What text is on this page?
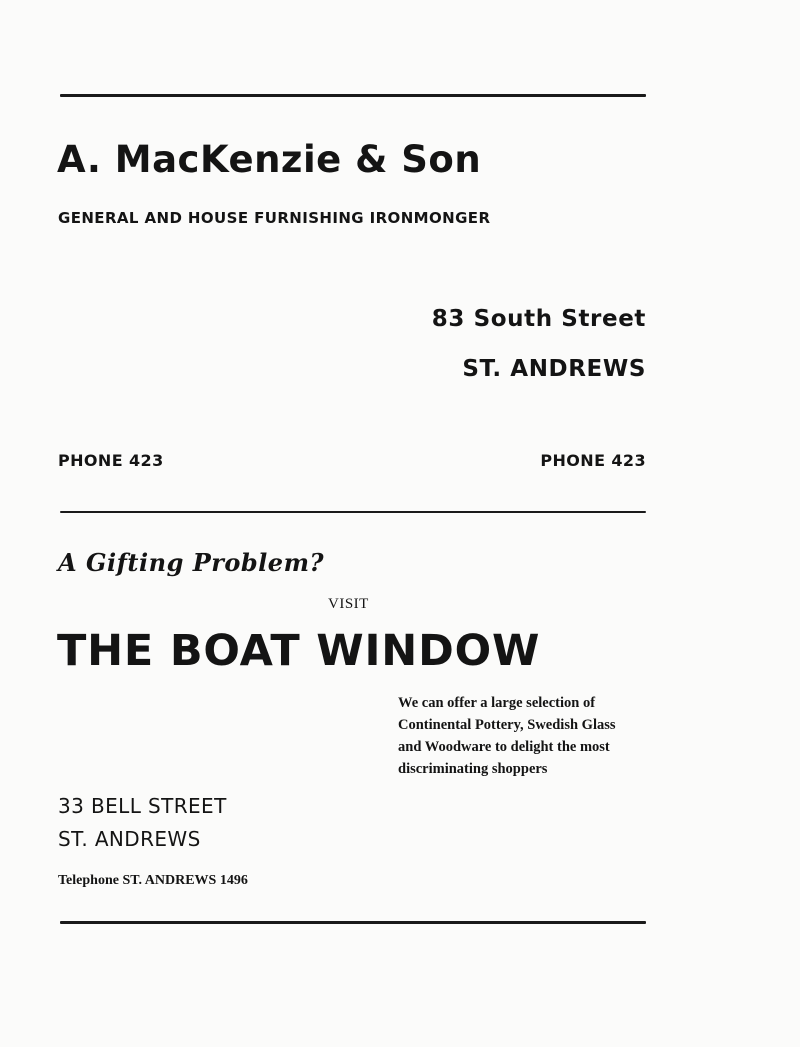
A. MacKenzie & Son
GENERAL AND HOUSE FURNISHING IRONMONGER
83 South Street
ST. ANDREWS
PHONE 423	PHONE 423
A Gifting Problem?
VISIT
THE BOAT WINDOW
We can offer a large selection of
Continental Pottery, Swedish Glass
and Woodware to delight the most
discriminating shoppers
33 BELL STREET
ST. ANDREWS
Telephone ST. ANDREWS 1496
